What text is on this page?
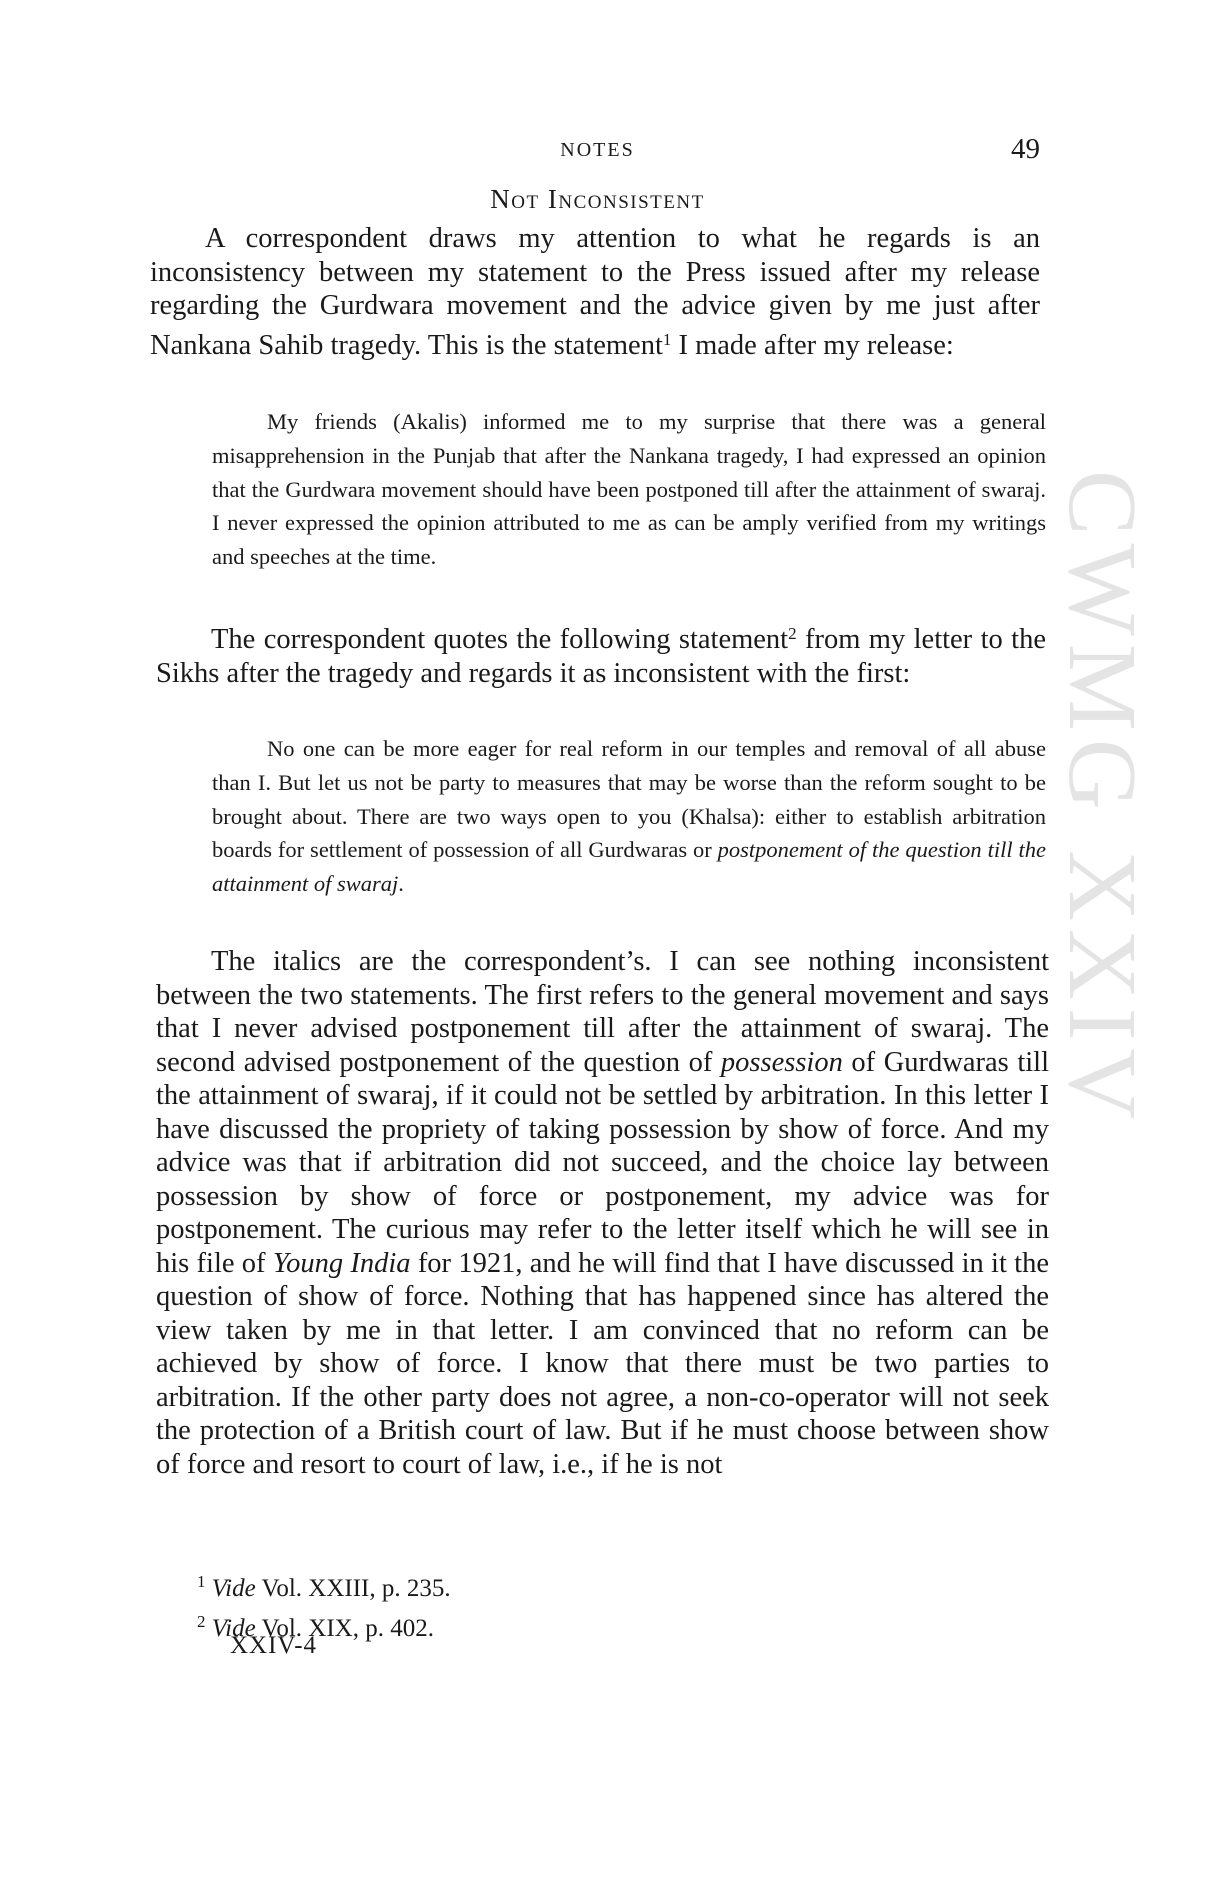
NOTES	49
Not Inconsistent

A correspondent draws my attention to what he regards is an inconsistency between my statement to the Press issued after my release regarding the Gurdwara movement and the advice given by me just after Nankana Sahib tragedy. This is the statement$^1$ I made after my release:

My friends (Akalis) informed me to my surprise that there was a general misapprehension in the Punjab that after the Nankana tragedy, I had expressed an opinion that the Gurdwara movement should have been postponed till after the attainment of swaraj. I never expressed the opinion attributed to me as can be amply verified from my writings and speeches at the time.

The correspondent quotes the following statement$^2$ from my letter to the Sikhs after the tragedy and regards it as inconsistent with the first:

No one can be more eager for real reform in our temples and removal of all abuse than I. But let us not be party to measures that may be worse than the reform sought to be brought about. There are two ways open to you (Khalsa): either to establish arbitration boards for settlement of possession of all Gurdwaras or postponement of the question till the attainment of swaraj.

The italics are the correspondent’s. I can see nothing inconsistent between the two statements. The first refers to the general movement and says that I never advised postponement till after the attainment of swaraj. The second advised postponement of the question of possession of Gurdwaras till the attainment of swaraj, if it could not be settled by arbitration. In this letter I have discussed the propriety of taking possession by show of force. And my advice was that if arbitration did not succeed, and the choice lay between possession by show of force or postponement, my advice was for postponement. The curious may refer to the letter itself which he will see in his file of Young India for 1921, and he will find that I have discussed in it the question of show of force. Nothing that has happened since has altered the view taken by me in that letter. I am convinced that no reform can be achieved by show of force. I know that there must be two parties to arbitration. If the other party does not agree, a non-co-operator will not seek the protection of a British court of law. But if he must choose between show of force and resort to court of law, i.e., if he is not

$^1$ Vide Vol. XXIII, p. 235.
$^2$ Vide Vol. XIX, p. 402.
XXIV-4
CWMG XXIV
